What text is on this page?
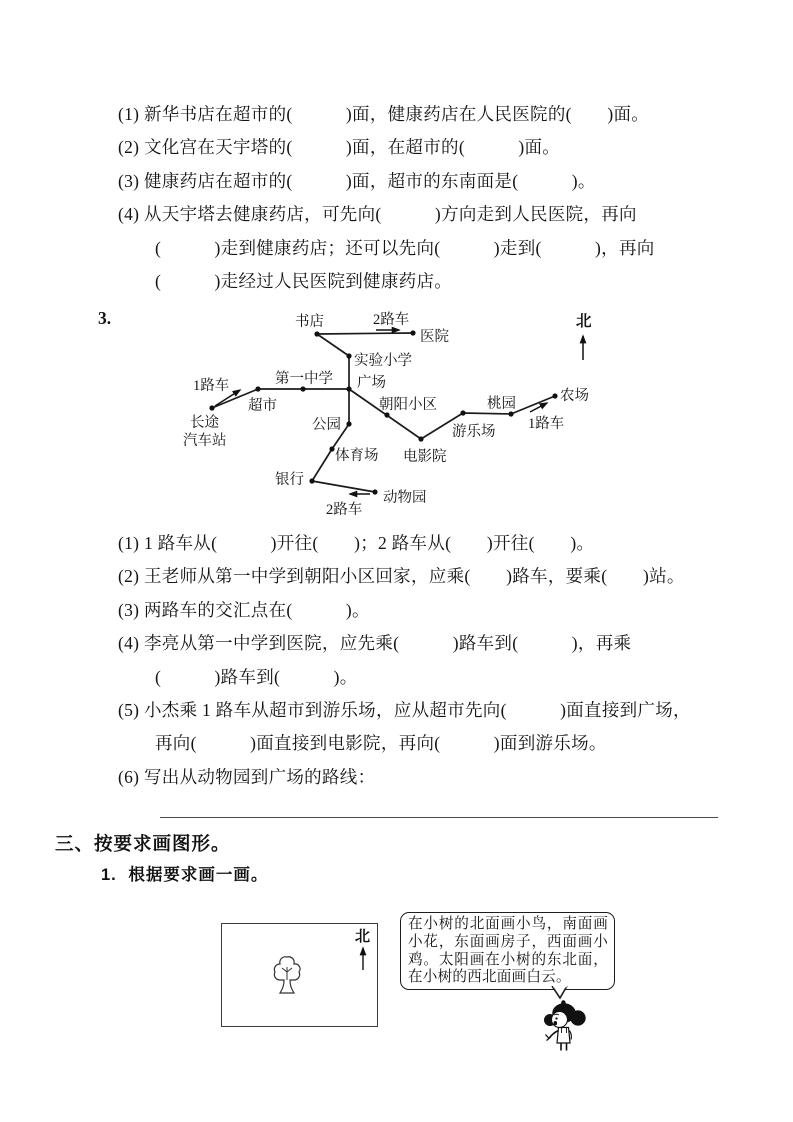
(1) 新华书店在超市的(　　　)面，健康药店在人民医院的(　　)面。
(2) 文化宫在天宇塔的(　　　)面，在超市的(　　　)面。
(3) 健康药店在超市的(　　　)面，超市的东南面是(　　　)。
(4) 从天宇塔去健康药店，可先向(　　　)方向走到人民医院，再向
(　　　)走到健康药店；还可以先向(　　　)走到(　　　)，再向
(　　　)走经过人民医院到健康药店。
3.	书店	2路车
医院
实验小学
第一中学 广场
1路车
超市
长途
汽车站
公园
朝阳小区	桃园	农场
1路车
游乐场
体育场 电影院
银行
动物园
2路车
北
(1) 1 路车从(　　　)开往(　　)；2 路车从(　　)开往(　　)。
(2) 王老师从第一中学到朝阳小区回家，应乘(　　)路车，要乘(　　)站。
(3) 两路车的交汇点在(　　　)。
(4) 李亮从第一中学到医院，应先乘(　　　)路车到(　　　)，再乘
(　　　)路车到(　　　)。
(5) 小杰乘 1 路车从超市到游乐场，应从超市先向(　　　)面直接到广场，
再向(　　　)面直接到电影院，再向(　　　)面到游乐场。
(6) 写出从动物园到广场的路线：
三、按要求画图形。
1. 根据要求画一画。
北
在小树的北面画小鸟，南面画小花，东面画房子，西面画小鸡。太阳画在小树的东北面，在小树的西北面画白云。
